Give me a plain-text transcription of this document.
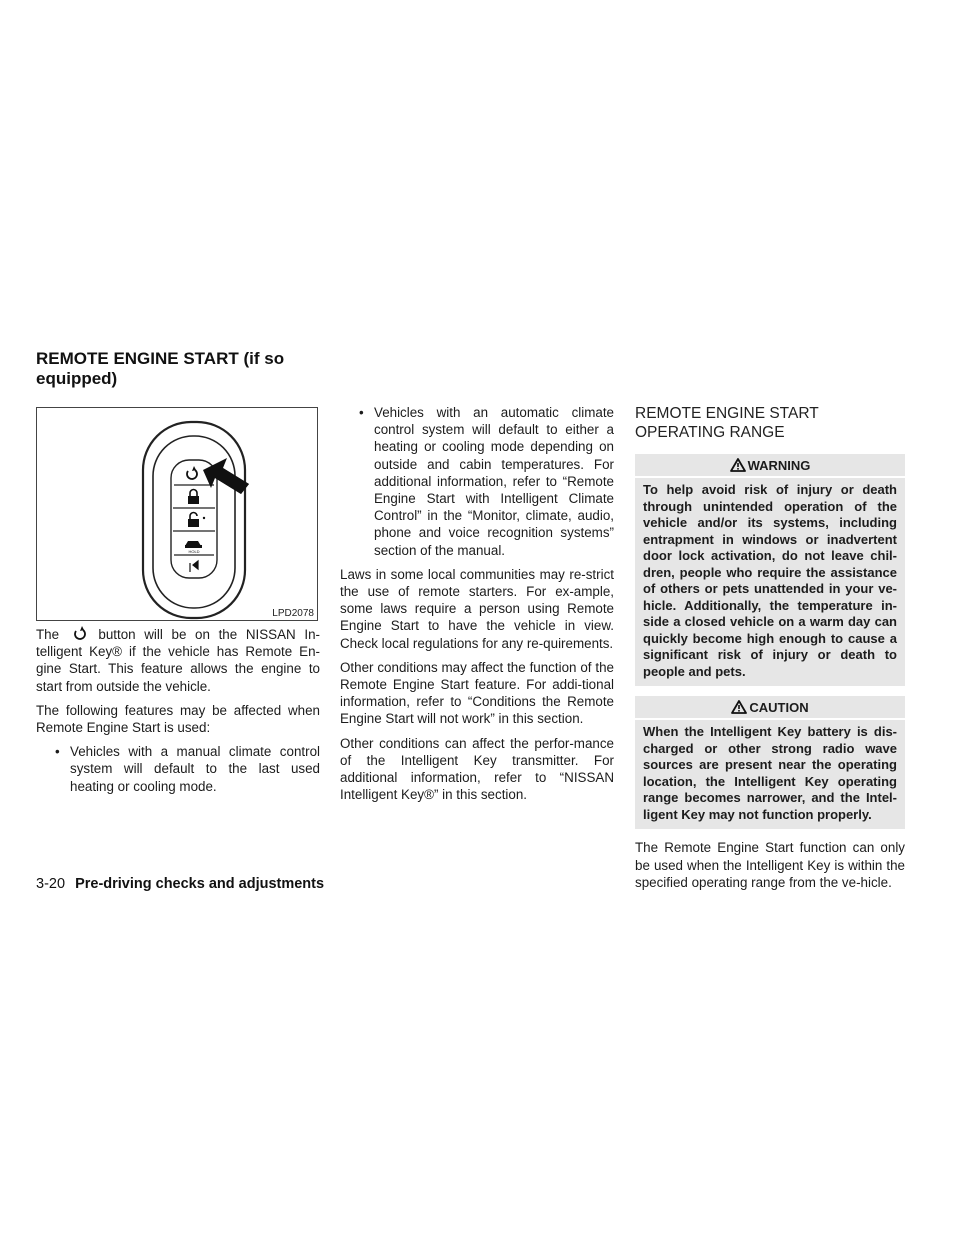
REMOTE ENGINE START (if so equipped)
HOLD
LPD2078

The	button will be on the NISSAN In-telligent Key® if the vehicle has Remote En-gine Start. This feature allows the engine to start from outside the vehicle.

The following features may be affected when Remote Engine Start is used:

• Vehicles with a manual climate control system will default to the last used heating or cooling mode.
• Vehicles with an automatic climate control system will default to either a heating or cooling mode depending on outside and cabin temperatures. For additional information, refer to “Remote Engine Start with Intelligent Climate Control” in the “Monitor, climate, audio, phone and voice recognition systems” section of the manual.

Laws in some local communities may re-strict the use of remote starters. For ex-ample, some laws require a person using Remote Engine Start to have the vehicle in view. Check local regulations for any re-quirements.

Other conditions may affect the function of the Remote Engine Start feature. For addi-tional information, refer to “Conditions the Remote Engine Start will not work” in this section.

Other conditions can affect the perfor-mance of the Intelligent Key transmitter. For additional information, refer to “NISSAN Intelligent Key®” in this section.

REMOTE ENGINE START OPERATING RANGE
WARNING
To help avoid risk of injury or death through unintended operation of the vehicle and/or its systems, including entrapment in windows or inadvertent door lock activation, do not leave chil-dren, people who require the assistance of others or pets unattended in your ve-hicle. Additionally, the temperature in-side a closed vehicle on a warm day can quickly become high enough to cause a significant risk of injury or death to people and pets.
CAUTION
When the Intelligent Key battery is dis-charged or other strong radio wave sources are present near the operating location, the Intelligent Key operating range becomes narrower, and the Intel-ligent Key may not function properly.

The Remote Engine Start function can only be used when the Intelligent Key is within the specified operating range from the ve-hicle.

3-20 Pre-driving checks and adjustments
